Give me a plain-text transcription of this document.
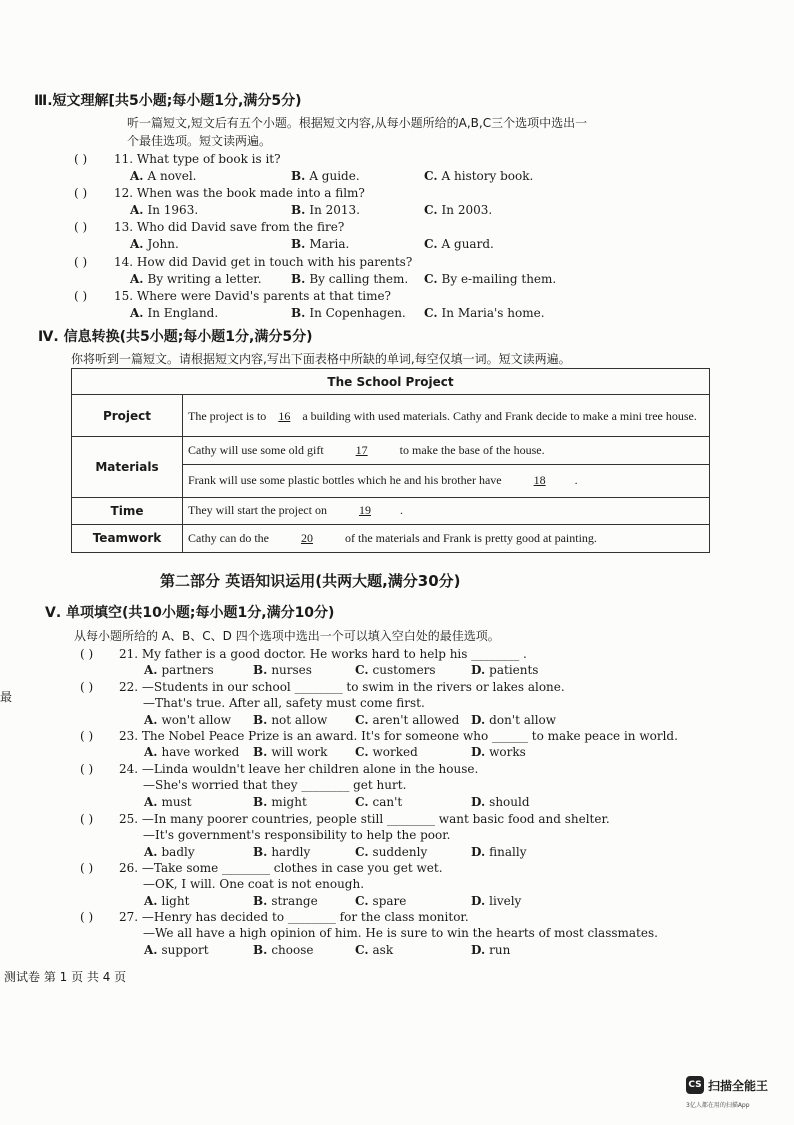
Ⅲ.短文理解[共5小题;每小题1分,满分5分)
听一篇短文,短文后有五个小题。根据短文内容,从每小题所给的A,B,C三个选项中选出一
个最佳选项。短文读两遍。
( ) 11. What type of book is it?
A. A novel.	B. A guide.	C. A history book.
( ) 12. When was the book made into a film?
A. In 1963.	B. In 2013.	C. In 2003.
( ) 13. Who did David save from the fire?
A. John.	B. Maria.	C. A guard.
( ) 14. How did David get in touch with his parents?
A. By writing a letter. B. By calling them. C. By e-mailing them.
( ) 15. Where were David's parents at that time?
A. In England.	B. In Copenhagen. C. In Maria's home.
Ⅳ. 信息转换(共5小题;每小题1分,满分5分)
你将听到一篇短文。请根据短文内容,写出下面表格中所缺的单词,每空仅填一词。短文读两遍。
The School Project	
Project	The project is to 16 a building with used materials. Cathy and Frank decide to make a mini tree house.
Materials	Cathy will use some old gift 17 to make the base of the house.
	Frank will use some plastic bottles which he and his brother have 18 .
Time	They will start the project on 19 .
Teamwork	Cathy can do the 20 of the materials and Frank is pretty good at painting.
第二部分 英语知识运用(共两大题,满分30分)
Ⅴ. 单项填空(共10小题;每小题1分,满分10分)
从每小题所给的 A、B、C、D 四个选项中选出一个可以填入空白处的最佳选项。
( ) 21. My father is a good doctor. He works hard to help his ________ .
A. partners	B. nurses	C. customers	D. patients
( ) 22. —Students in our school ________ to swim in the rivers or lakes alone.
—That's true. After all, safety must come first.
A. won't allow B. not allow C. aren't allowed D. don't allow
( ) 23. The Nobel Peace Prize is an award. It's for someone who ______ to make peace in world.
A. have worked B. will work C. worked	D. works
( ) 24. —Linda wouldn't leave her children alone in the house.
—She's worried that they ________ get hurt.
A. must	B. might	C. can't	D. should
( ) 25. —In many poorer countries, people still ________ want basic food and shelter.
—It's government's responsibility to help the poor.
A. badly	B. hardly	C. suddenly	D. finally
( ) 26. —Take some ________ clothes in case you get wet.
—OK, I will. One coat is not enough.
A. light	B. strange	C. spare	D. lively
( ) 27. —Henry has decided to ________ for the class monitor.
—We all have a high opinion of him. He is sure to win the hearts of most classmates.
A. support	B. choose	C. ask	D. run
最
测试卷 第 1 页 共 4 页
CS 扫描全能王
3亿人都在用的扫描App
